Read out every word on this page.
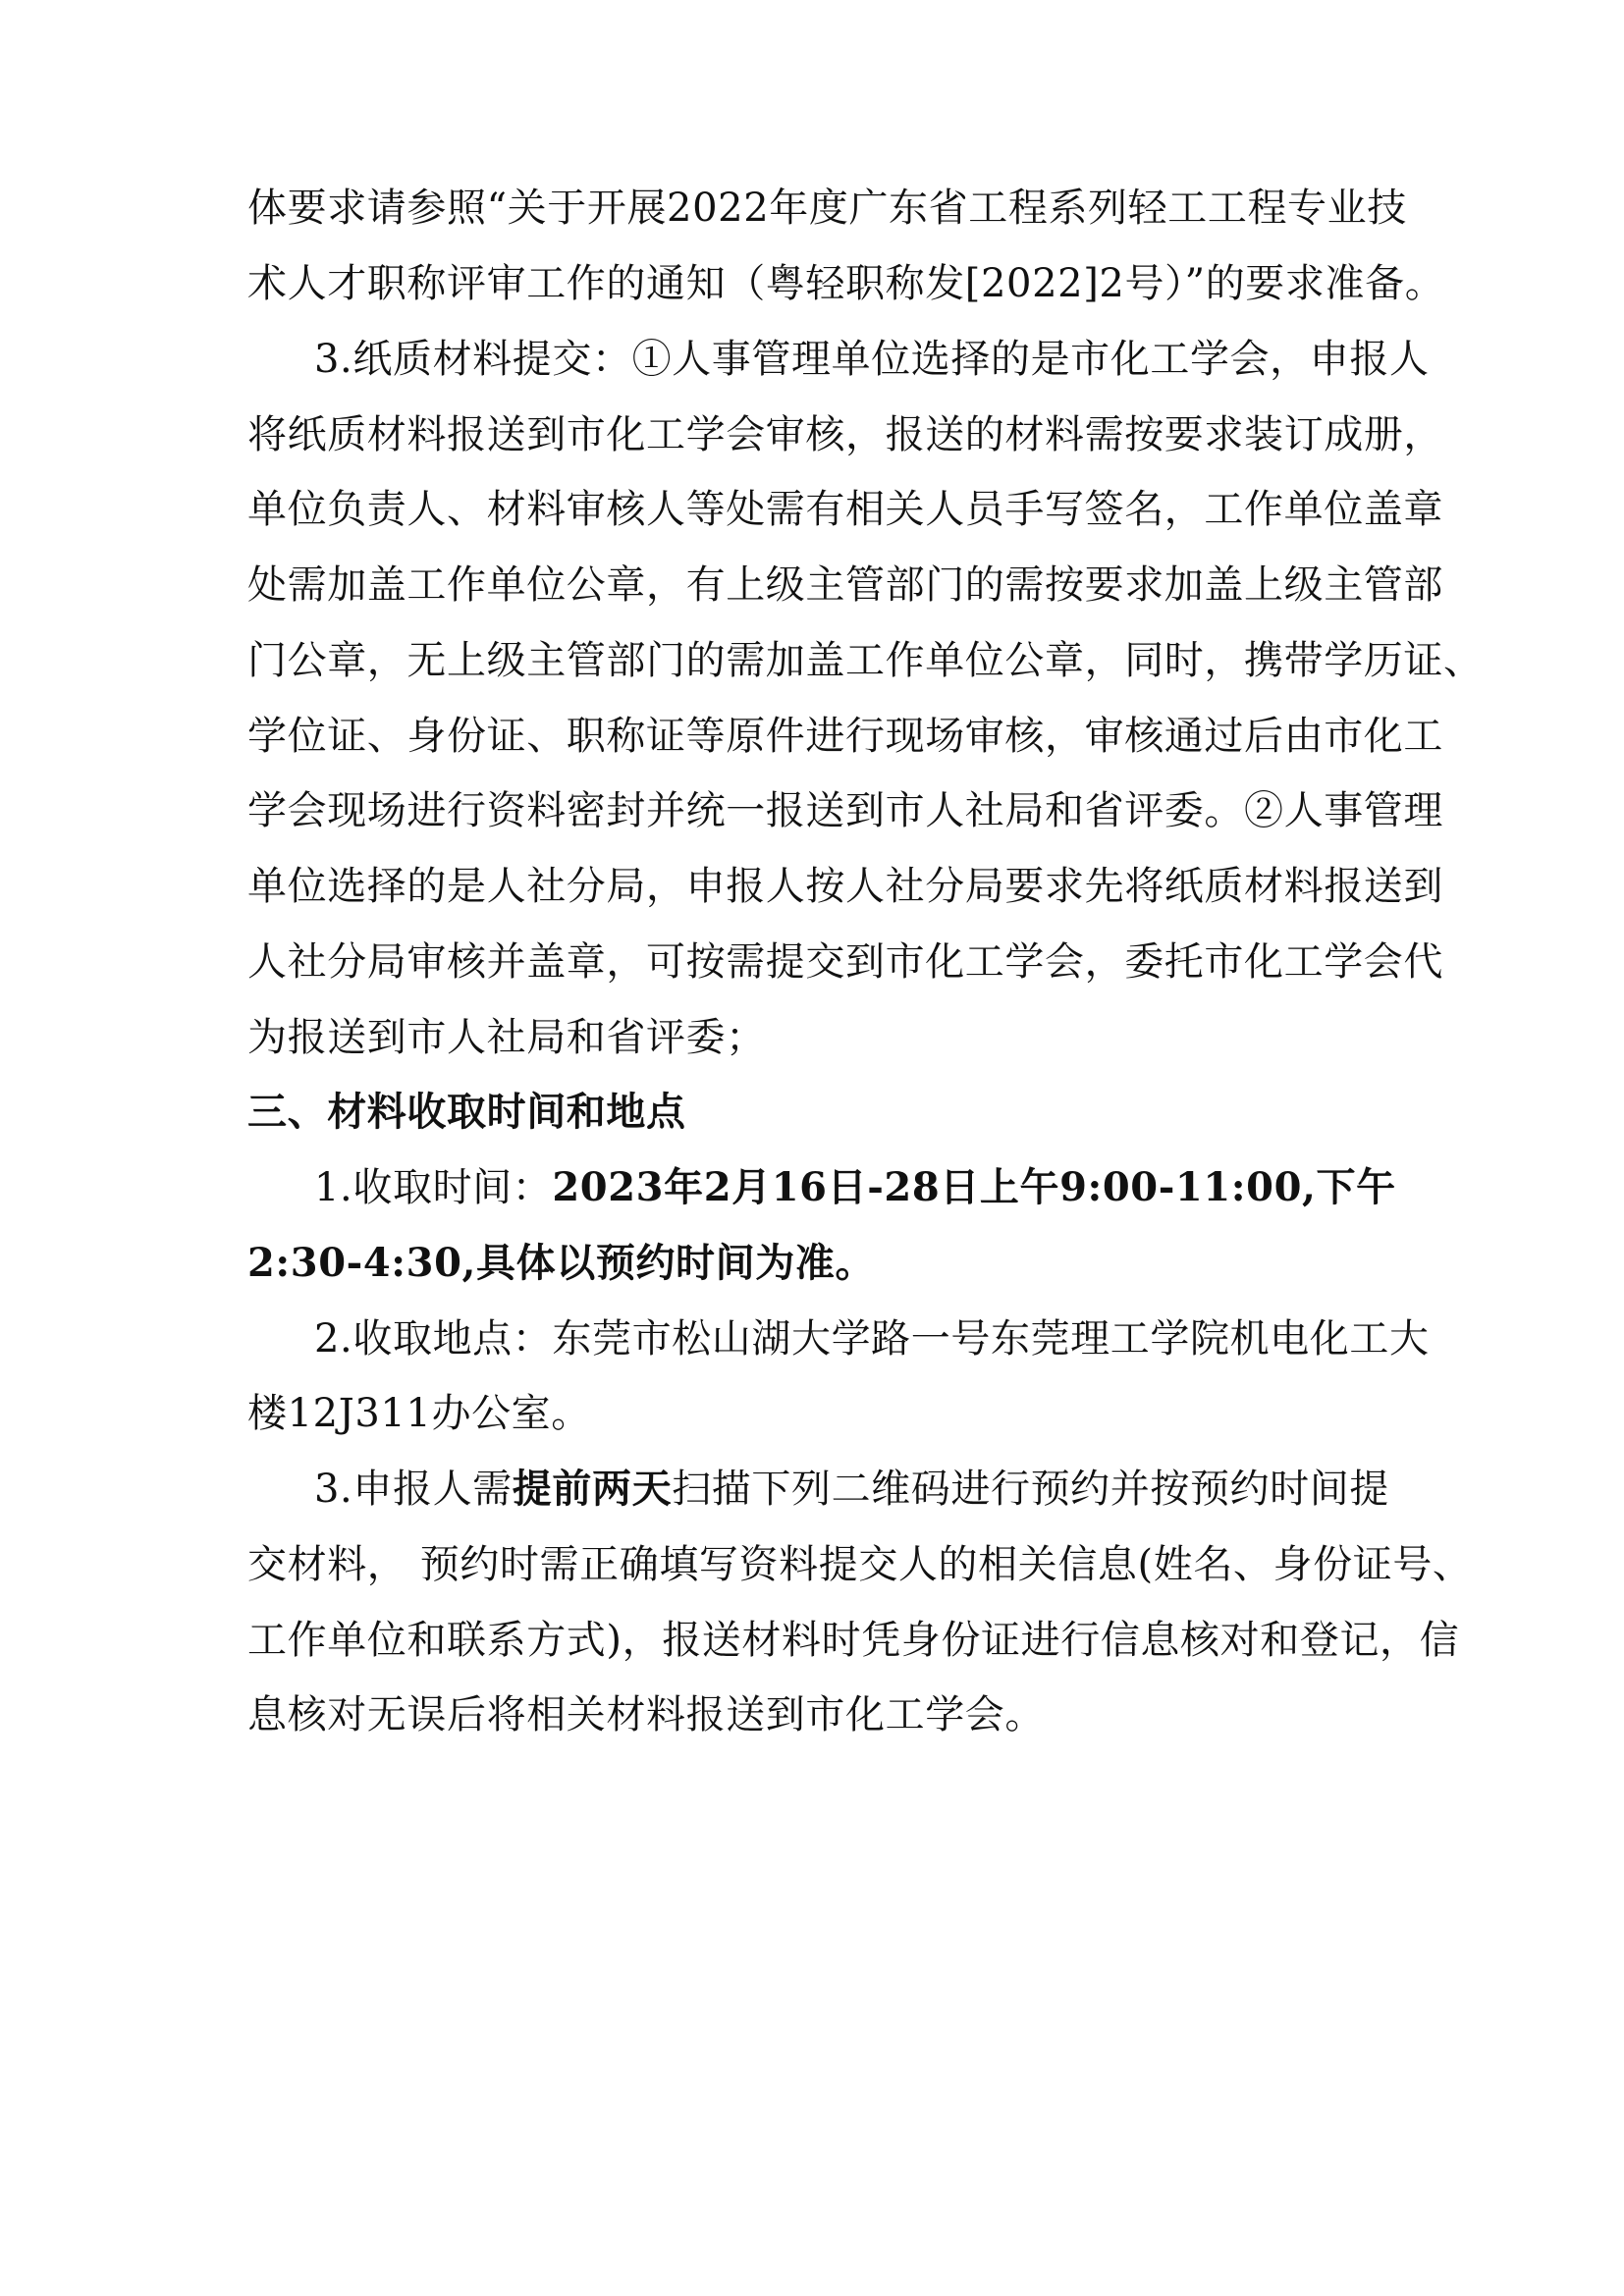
体要求请参照“关于开展2022年度广东省工程系列轻工工程专业技
术人才职称评审工作的通知（粤轻职称发[2022]2号）”的要求准备。
3.纸质材料提交：①人事管理单位选择的是市化工学会，申报人
将纸质材料报送到市化工学会审核，报送的材料需按要求装订成册，
单位负责人、材料审核人等处需有相关人员手写签名，工作单位盖章
处需加盖工作单位公章，有上级主管部门的需按要求加盖上级主管部
门公章，无上级主管部门的需加盖工作单位公章，同时，携带学历证、
学位证、身份证、职称证等原件进行现场审核，审核通过后由市化工
学会现场进行资料密封并统一报送到市人社局和省评委。②人事管理
单位选择的是人社分局，申报人按人社分局要求先将纸质材料报送到
人社分局审核并盖章，可按需提交到市化工学会，委托市化工学会代
为报送到市人社局和省评委；
三、材料收取时间和地点
1.收取时间：2023年2月16日-28日上午9:00-11:00,下午
2:30-4:30,具体以预约时间为准。
2.收取地点：东莞市松山湖大学路一号东莞理工学院机电化工大
楼12J311办公室。
3.申报人需提前两天扫描下列二维码进行预约并按预约时间提
交材料， 预约时需正确填写资料提交人的相关信息(姓名、身份证号、
工作单位和联系方式)，报送材料时凭身份证进行信息核对和登记，信
息核对无误后将相关材料报送到市化工学会。
